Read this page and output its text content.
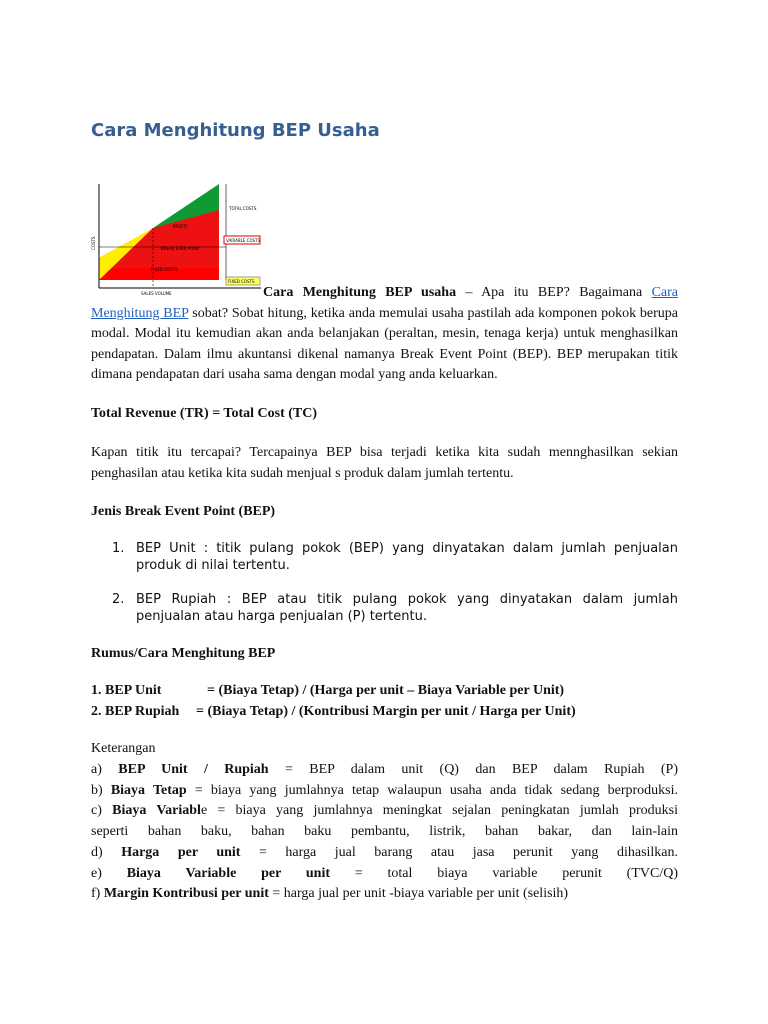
Cara Menghitung BEP Usaha
TOTAL COSTS
VARIABLE COSTS
FIXED COSTS
PROFIT
BREAK EVEN POINT
FIXED COSTS
COSTS
SALES VOLUME	Cara Menghitung BEP usaha – Apa itu BEP? Bagaimana Cara Menghitung BEP sobat? Sobat hitung, ketika anda memulai usaha pastilah ada komponen pokok berupa modal. Modal itu kemudian akan anda belanjakan (peraltan, mesin, tenaga kerja) untuk menghasilkan pendapatan. Dalam ilmu akuntansi dikenal namanya Break Event Point (BEP). BEP merupakan titik dimana pendapatan dari usaha sama dengan modal yang anda keluarkan.

Total Revenue (TR) = Total Cost (TC)

Kapan titik itu tercapai? Tercapainya BEP bisa terjadi ketika kita sudah mennghasilkan sekian penghasilan atau ketika kita sudah menjual s produk dalam jumlah tertentu.

Jenis Break Event Point (BEP)

1. BEP Unit : titik pulang pokok (BEP) yang dinyatakan dalam jumlah penjualan
produk di nilai tertentu.
2. BEP Rupiah : BEP atau titik pulang pokok yang dinyatakan dalam jumlah
penjualan atau harga penjualan (P) tertentu.

Rumus/Cara Menghitung BEP

1. BEP Unit	= (Biaya Tetap) / (Harga per unit – Biaya Variable per Unit)
2. BEP Rupiah = (Biaya Tetap) / (Kontribusi Margin per unit / Harga per Unit)
Keterangan
a) BEP Unit / Rupiah = BEP dalam unit (Q) dan BEP dalam Rupiah (P)
b) Biaya Tetap = biaya yang jumlahnya tetap walaupun usaha anda tidak sedang berproduksi.
c) Biaya Variable = biaya yang jumlahnya meningkat sejalan peningkatan jumlah produksi
seperti bahan baku, bahan baku pembantu, listrik, bahan bakar, dan lain-lain
d) Harga per unit = harga jual barang atau jasa perunit yang dihasilkan.
e) Biaya Variable per unit = total biaya variable perunit (TVC/Q)
f) Margin Kontribusi per unit = harga jual per unit -biaya variable per unit (selisih)
